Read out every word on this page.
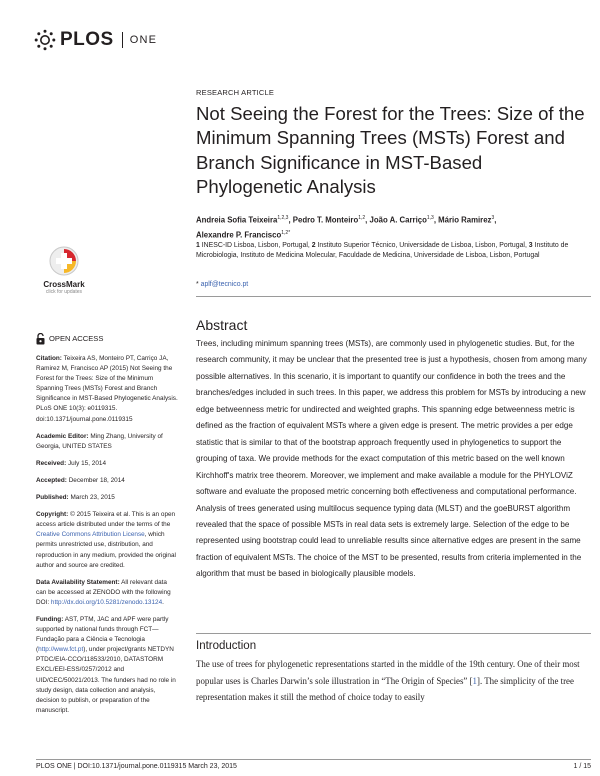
PLOS ONE
CrossMark
click for updates
RESEARCH ARTICLE
Not Seeing the Forest for the Trees: Size of the Minimum Spanning Trees (MSTs) Forest and Branch Significance in MST-Based Phylogenetic Analysis
Andreia Sofia Teixeira$^{1,2,3}$, Pedro T. Monteiro$^{1,2}$, João A. Carriço$^{1,3}$, Mário Ramirez$^3$,
Alexandre P. Francisco$^{1,2*}$
1 INESC-ID Lisboa, Lisbon, Portugal, 2 Instituto Superior Técnico, Universidade de Lisboa, Lisbon, Portugal, 3 Instituto de Microbiologia, Instituto de Medicina Molecular, Faculdade de Medicina, Universidade de Lisboa, Lisbon, Portugal
* aplf@tecnico.pt
OPEN ACCESS

Citation: Teixeira AS, Monteiro PT, Carriço JA, Ramirez M, Francisco AP (2015) Not Seeing the Forest for the Trees: Size of the Minimum Spanning Trees (MSTs) Forest and Branch Significance in MST-Based Phylogenetic Analysis. PLoS ONE 10(3): e0119315. doi:10.1371/journal.pone.0119315

Academic Editor: Ming Zhang, University of Georgia, UNITED STATES

Received: July 15, 2014

Accepted: December 18, 2014

Published: March 23, 2015

Copyright: © 2015 Teixeira et al. This is an open access article distributed under the terms of the Creative Commons Attribution License, which permits unrestricted use, distribution, and reproduction in any medium, provided the original author and source are credited.

Data Availability Statement: All relevant data can be accessed at ZENODO with the following DOI: http://dx.doi.org/10.5281/zenodo.13124.

Funding: AST, PTM, JAC and APF were partly supported by national funds through FCT—Fundação para a Ciência e Tecnologia (http://www.fct.pt), under project/grants NETDYN PTDC/EIA-CCO/118533/2010, DATASTORM EXCL/EEI-ESS/0257/2012 and UID/CEC/50021/2013. The funders had no role in study design, data collection and analysis, decision to publish, or preparation of the manuscript.

Abstract
Trees, including minimum spanning trees (MSTs), are commonly used in phylogenetic studies. But, for the research community, it may be unclear that the presented tree is just a hypothesis, chosen from among many possible alternatives. In this scenario, it is important to quantify our confidence in both the trees and the branches/edges included in such trees. In this paper, we address this problem for MSTs by introducing a new edge betweenness metric for undirected and weighted graphs. This spanning edge betweenness metric is defined as the fraction of equivalent MSTs where a given edge is present. The metric provides a per edge statistic that is similar to that of the bootstrap approach frequently used in phylogenetics to support the grouping of taxa. We provide methods for the exact computation of this metric based on the well known Kirchhoff's matrix tree theorem. Moreover, we implement and make available a module for the PHYLOViZ software and evaluate the proposed metric concerning both effectiveness and computational performance. Analysis of trees generated using multilocus sequence typing data (MLST) and the goeBURST algorithm revealed that the space of possible MSTs in real data sets is extremely large. Selection of the edge to be represented using bootstrap could lead to unreliable results since alternative edges are present in the same fraction of equivalent MSTs. The choice of the MST to be presented, results from criteria implemented in the algorithm that must be based in biologically plausible models.
Introduction
The use of trees for phylogenetic representations started in the middle of the 19th century. One of their most popular uses is Charles Darwin’s sole illustration in “The Origin of Species” [1]. The simplicity of the tree representation makes it still the method of choice today to easily
PLOS ONE | DOI:10.1371/journal.pone.0119315 March 23, 2015	1 / 15
